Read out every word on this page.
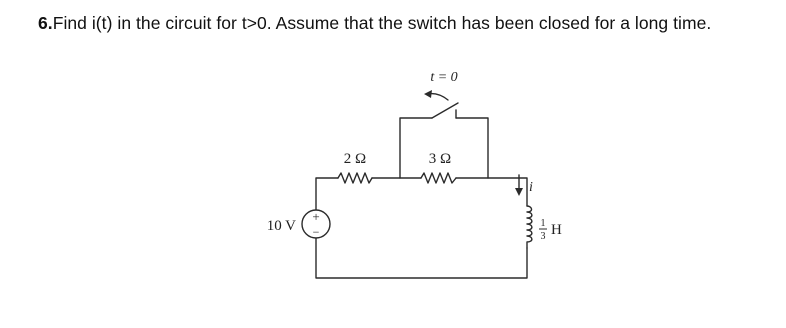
6.Find i(t) in the circuit for t>0. Assume that the switch has been closed for a long time.
+
−
t = 0
2 Ω	3 Ω
10 V
i
1
3 H
